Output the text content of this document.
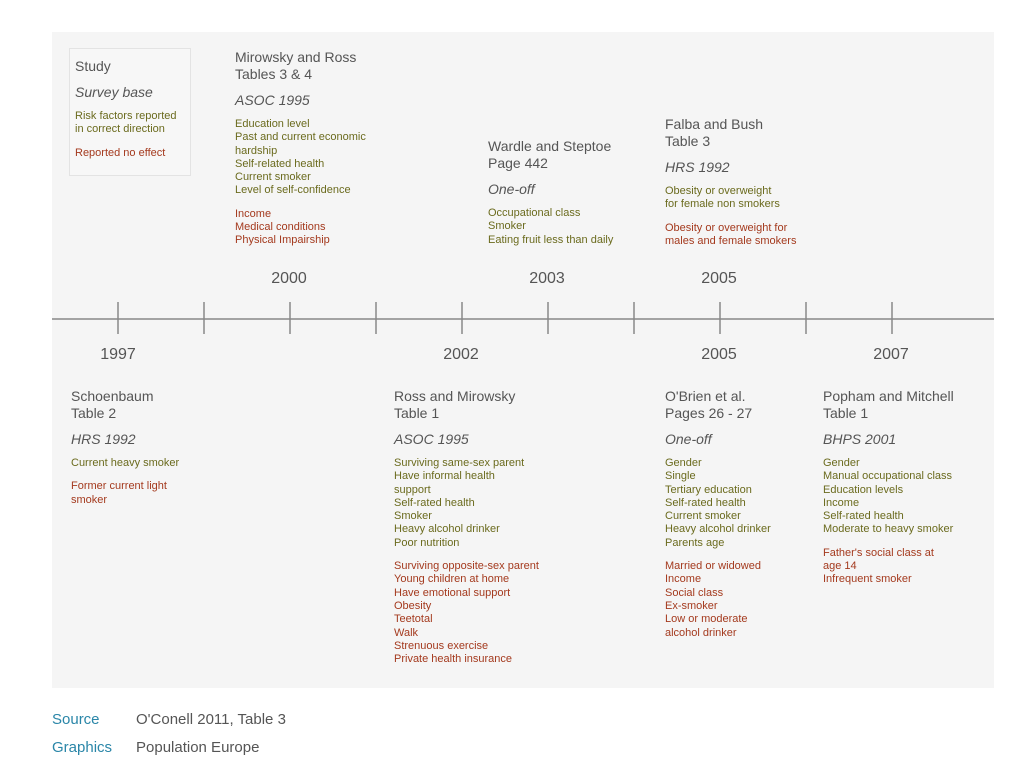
Study
Survey base
Risk factors reported
in correct direction
Reported no effect
Mirowsky and Ross
Tables 3 & 4
ASOC 1995
Education level
Past and current economic
hardship
Self-related health
Current smoker
Level of self-confidence
Income
Medical conditions
Physical Impairship
Wardle and Steptoe
Page 442
One-off
Occupational class
Smoker
Eating fruit less than daily
Falba and Bush
Table 3
HRS 1992
Obesity or overweight
for female non smokers
Obesity or overweight for
males and female smokers
2000	2003	2005
1997	2002	2005	2007
Schoenbaum
Table 2
HRS 1992
Current heavy smoker
Former current light
smoker
Ross and Mirowsky
Table 1
ASOC 1995
Surviving same-sex parent
Have informal health
support
Self-rated health
Smoker
Heavy alcohol drinker
Poor nutrition
Surviving opposite-sex parent
Young children at home
Have emotional support
Obesity
Teetotal
Walk
Strenuous exercise
Private health insurance
O'Brien et al.
Pages 26 - 27
One-off
Gender
Single
Tertiary education
Self-rated health
Current smoker
Heavy alcohol drinker
Parents age
Married or widowed
Income
Social class
Ex-smoker
Low or moderate
alcohol drinker
Popham and Mitchell
Table 1
BHPS 2001
Gender
Manual occupational class
Education levels
Income
Self-rated health
Moderate to heavy smoker
Father's social class at
age 14
Infrequent smoker
Source O'Conell 2011, Table 3
Graphics Population Europe
